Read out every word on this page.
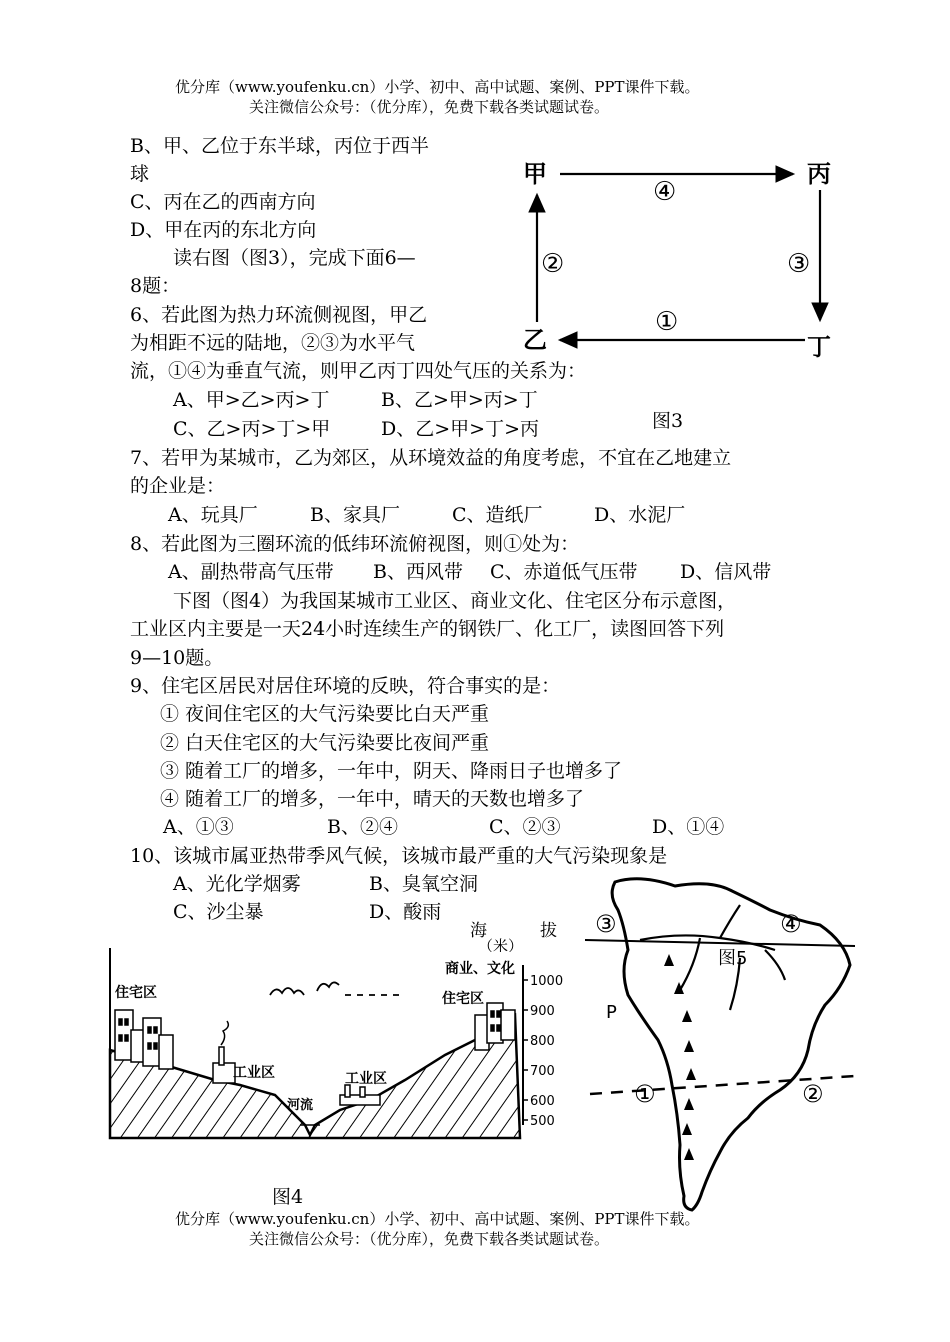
优分库（www.youfenku.cn）小学、初中、高中试题、案例、PPT课件下载。
关注微信公众号：（优分库），免费下载各类试题试卷。
B、甲、乙位于东半球，丙位于西半
球
C、丙在乙的西南方向
D、甲在丙的东北方向
读右图（图3），完成下面6—
8题：
6、若此图为热力环流侧视图，甲乙
为相距不远的陆地，②③为水平气
流，①④为垂直气流，则甲乙丙丁四处气压的关系为：
A、甲>乙>丙>丁	B、乙>甲>丙>丁
C、乙>丙>丁>甲	D、乙>甲>丁>丙
7、若甲为某城市，乙为郊区，从环境效益的角度考虑，不宜在乙地建立
的企业是：
A、玩具厂	B、家具厂	C、造纸厂	D、水泥厂
8、若此图为三圈环流的低纬环流俯视图，则①处为：
A、副热带高气压带 B、西风带 C、赤道低气压带 D、信风带
下图（图4）为我国某城市工业区、商业文化、住宅区分布示意图，
工业区内主要是一天24小时连续生产的钢铁厂、化工厂，读图回答下列
9—10题。
9、住宅区居民对居住环境的反映，符合事实的是：
① 夜间住宅区的大气污染要比白天严重
② 白天住宅区的大气污染要比夜间严重
③ 随着工厂的增多，一年中，阴天、降雨日子也增多了
④ 随着工厂的增多，一年中，晴天的天数也增多了
A、①③	B、②④	C、②③	D、①④
10、该城市属亚热带季风气候，该城市最严重的大气污染现象是
A、光化学烟雾	B、臭氧空洞
C、沙尘暴	D、酸雨
甲	丙
乙	丁
④
②	③
①
图3
1000
900
800
700
600
500
商业、文化
住宅区	住宅区
工业区	工业区
河流
海	拔
（米）
图4
③	④
①	②
P
图5
优分库（www.youfenku.cn）小学、初中、高中试题、案例、PPT课件下载。
关注微信公众号：（优分库），免费下载各类试题试卷。
